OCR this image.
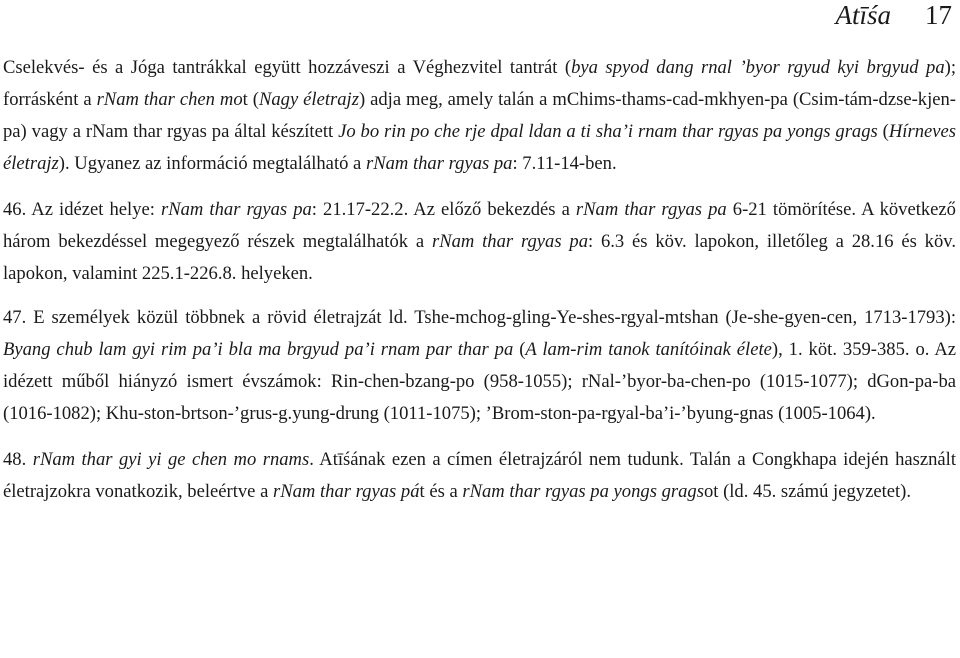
Atīśa 17

Cselekvés- és a Jóga tantrákkal együtt hozzáveszi a Véghezvitel tantrát (bya spyod dang rnal ’byor rgyud kyi brgyud pa); forrásként a rNam thar chen mot (Nagy életrajz) adja meg, amely talán a mChims-thams-cad-mkhyen-pa (Csim-tám-dzse-kjen-pa) vagy a rNam thar rgyas pa által készített Jo bo rin po che rje dpal ldan a ti sha’i rnam thar rgyas pa yongs grags (Hírneves életrajz). Ugyanez az információ megtalálható a rNam thar rgyas pa: 7.11-14-ben.

46. Az idézet helye: rNam thar rgyas pa: 21.17-22.2. Az előző bekezdés a rNam thar rgyas pa 6-21 tömörítése. A következő három bekezdéssel megegyező részek megtalálhatók a rNam thar rgyas pa: 6.3 és köv. lapokon, illetőleg a 28.16 és köv. lapokon, valamint 225.1-226.8. helyeken.

47. E személyek közül többnek a rövid életrajzát ld. Tshe-mchog-gling-Ye-shes-rgyal-mtshan (Je-she-gyen-cen, 1713-1793): Byang chub lam gyi rim pa’i bla ma brgyud pa’i rnam par thar pa (A lam-rim tanok tanítóinak élete), 1. köt. 359-385. o. Az idézett műből hiányzó ismert évszámok: Rin-chen-bzang-po (958-1055); rNal-’byor-ba-chen-po (1015-1077); dGon-pa-ba (1016-1082); Khu-ston-brtson-’grus-g.yung-drung (1011-1075); ’Brom-ston-pa-rgyal-ba’i-’byung-gnas (1005-1064).

48. rNam thar gyi yi ge chen mo rnams. Atīśának ezen a címen életrajzáról nem tudunk. Talán a Congkhapa idején használt életrajzokra vonatkozik, beleértve a rNam thar rgyas pát és a rNam thar rgyas pa yongs gragsot (ld. 45. számú jegyzetet).
